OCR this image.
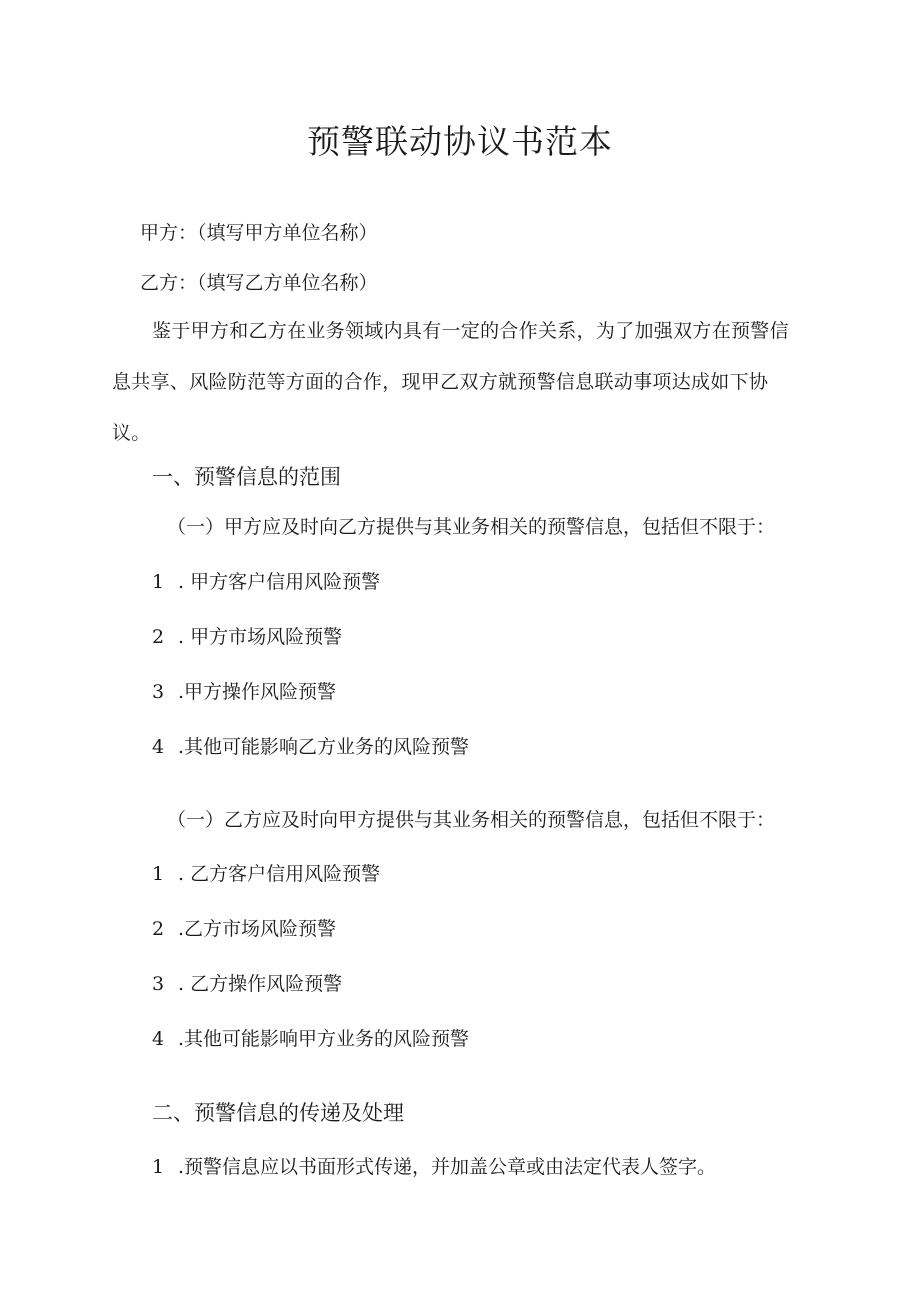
预警联动协议书范本

甲方：（填写甲方单位名称）

乙方：（填写乙方单位名称）

鉴于甲方和乙方在业务领域内具有一定的合作关系，为了加强双方在预警信息共享、风险防范等方面的合作，现甲乙双方就预警信息联动事项达成如下协议。

一、预警信息的范围

（一）甲方应及时向乙方提供与其业务相关的预警信息，包括但不限于：

1 . 甲方客户信用风险预警

2 . 甲方市场风险预警

3 .甲方操作风险预警

4 .其他可能影响乙方业务的风险预警

（一）乙方应及时向甲方提供与其业务相关的预警信息，包括但不限于：

1 . 乙方客户信用风险预警

2 .乙方市场风险预警

3 . 乙方操作风险预警

4 .其他可能影响甲方业务的风险预警

二、预警信息的传递及处理

1 .预警信息应以书面形式传递，并加盖公章或由法定代表人签字。
